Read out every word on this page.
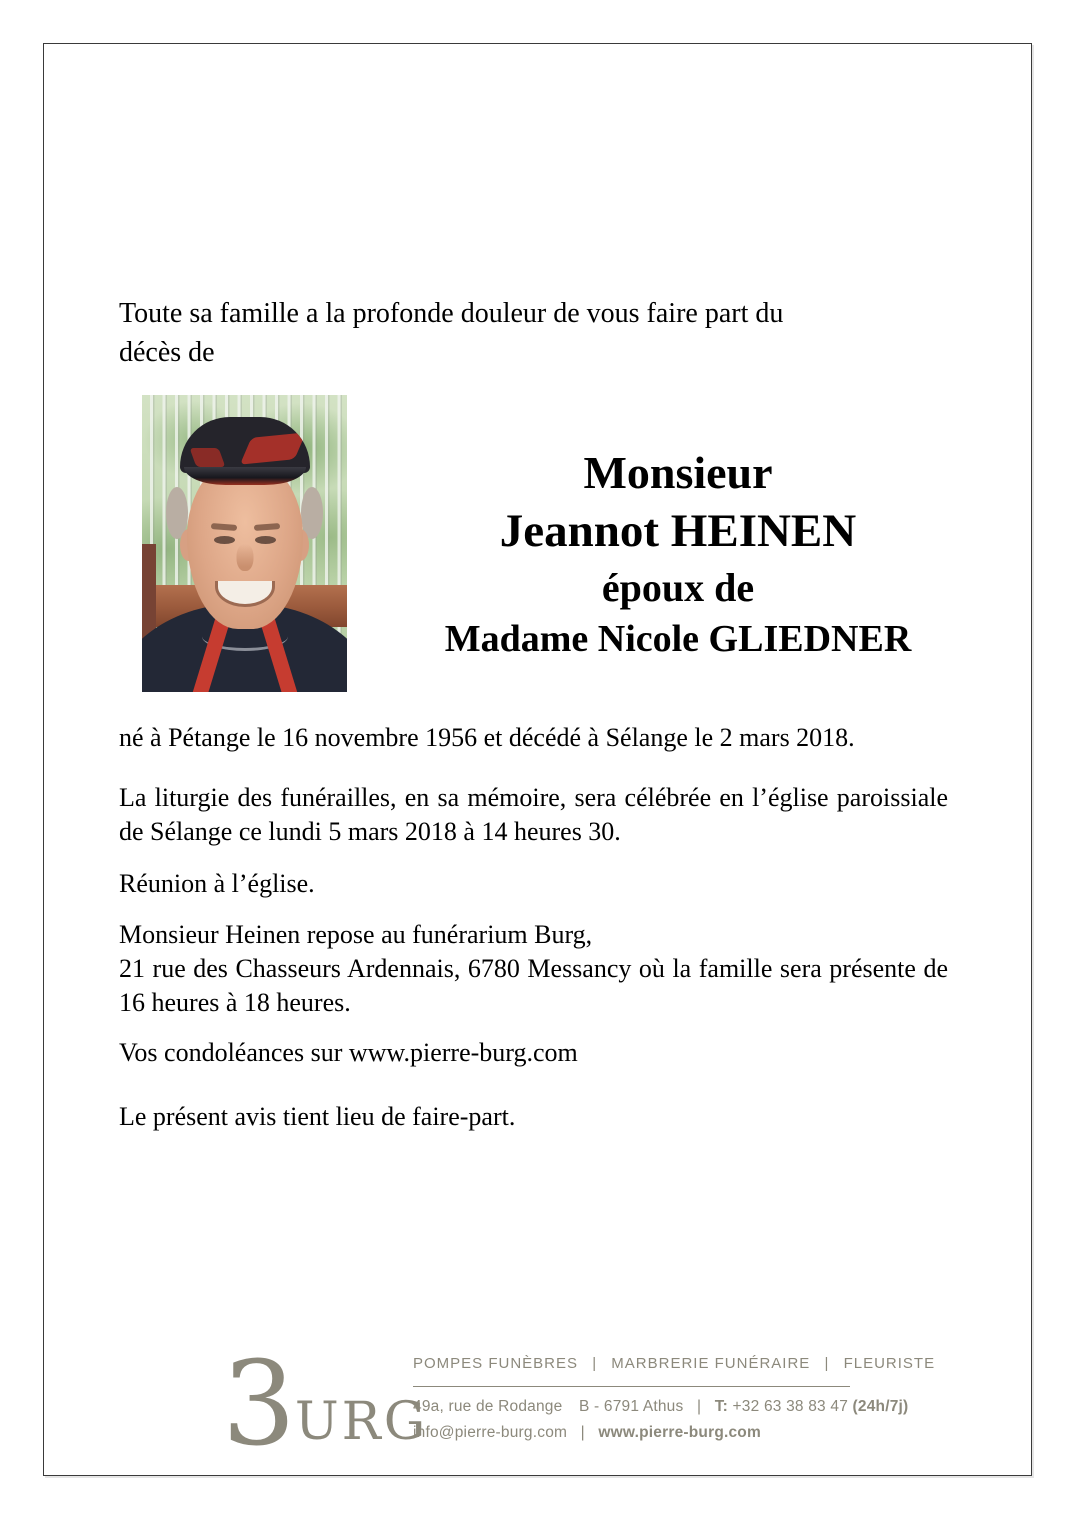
Toute sa famille a la profonde douleur de vous faire part du
décès de
Monsieur
Jeannot HEINEN
époux de
Madame Nicole GLIEDNER
né à Pétange le 16 novembre 1956 et décédé à Sélange le 2 mars 2018.
La liturgie des funérailles, en sa mémoire, sera célébrée en l’église paroissiale de Sélange ce lundi 5 mars 2018 à 14 heures 30.
Réunion à l’église.
Monsieur Heinen repose au funérarium Burg,
21 rue des Chasseurs Ardennais, 6780 Messancy où la famille sera présente de 16 heures à 18 heures.
Vos condoléances sur www.pierre-burg.com
Le présent avis tient lieu de faire-part.
3 URG
POMPES FUNÈBRES | MARBRERIE FUNÉRAIRE | FLEURISTE
49a, rue de Rodange B - 6791 Athus | T: +32 63 38 83 47 (24h/7j)
info@pierre-burg.com | www.pierre-burg.com
